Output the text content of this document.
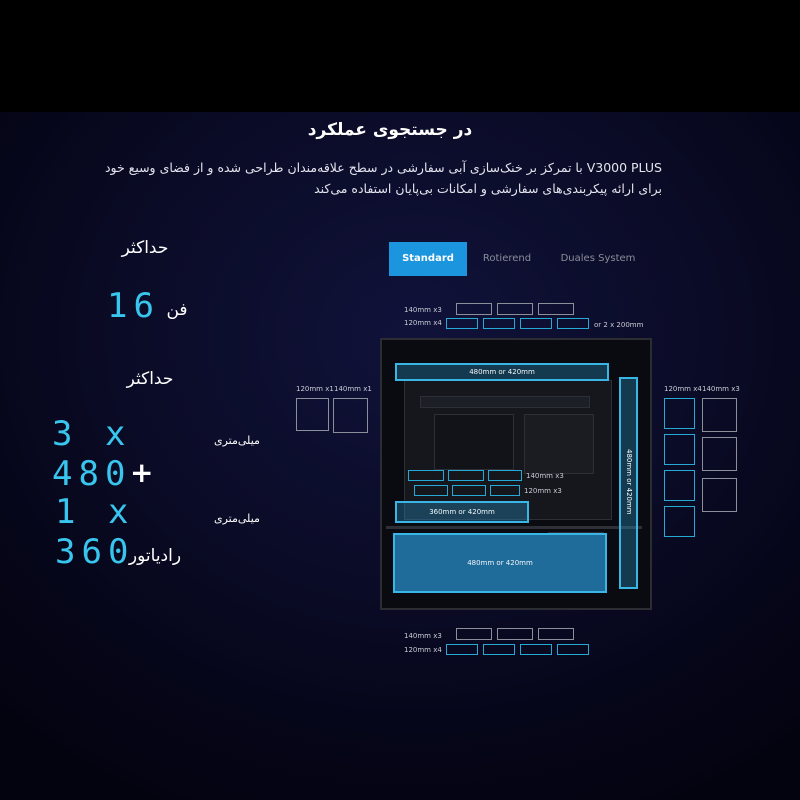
در جستجوی عملکرد
V3000 PLUS با تمرکز بر خنک‌سازی آبی سفارشی در سطح علاقه‌مندان طراحی شده و از فضای وسیع خود
برای ارائه پیکربندی‌های سفارشی و امکانات بی‌پایان استفاده می‌کند
حداکثر
16 فن
حداکثر
3 x 480
میلی‌متری
+
1 x 360
میلی‌متری
رادیاتور
Standard	Rotierend	Duales System
140mm x3
120mm x4	or 2 x 200mm
120mm x1 140mm x1	120mm x4 140mm x3
480mm or 420mm
480mm or 420mm
140mm x3
120mm x3
360mm or 420mm
480mm or 420mm
140mm x3
120mm x4
